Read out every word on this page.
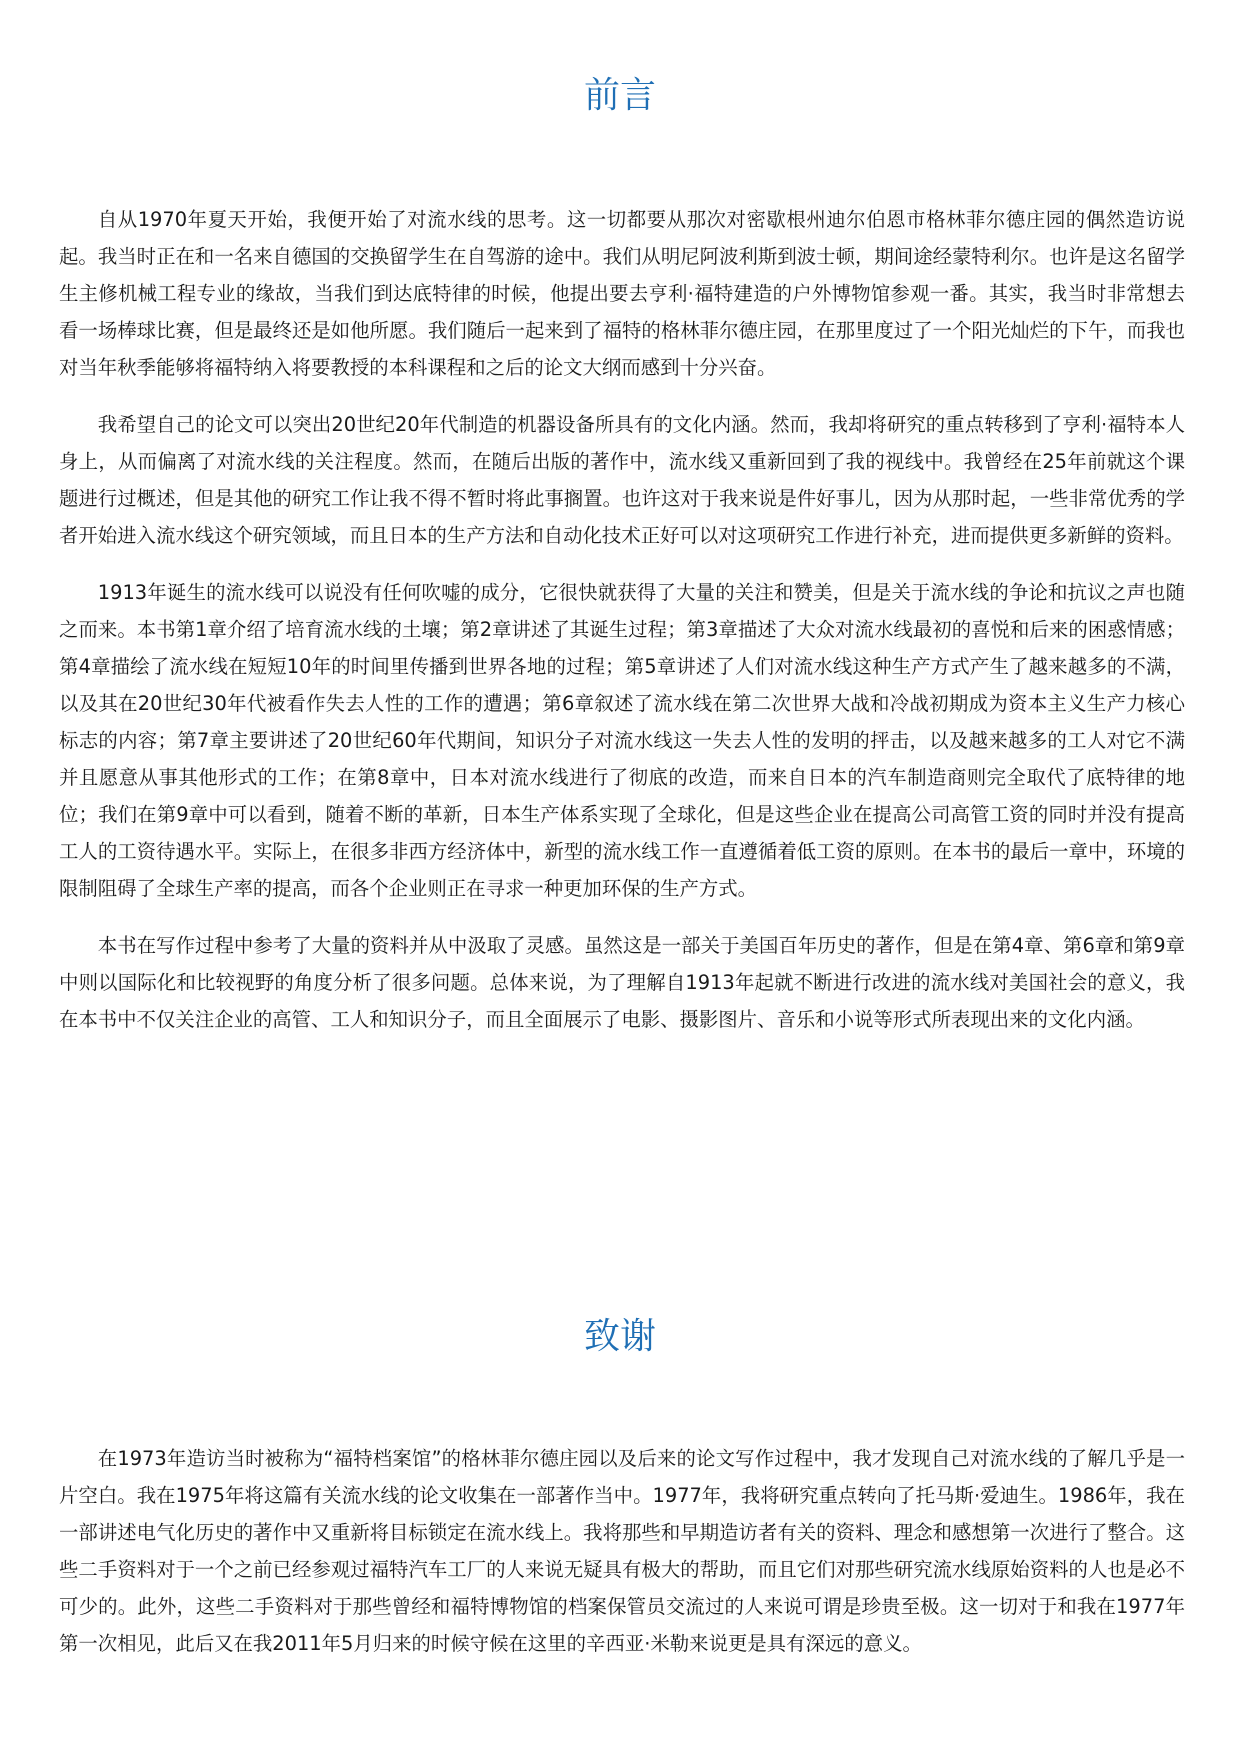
前言

自从1970年夏天开始，我便开始了对流水线的思考。这一切都要从那次对密歇根州迪尔伯恩市格林菲尔德庄园的偶然造访说起。我当时正在和一名来自德国的交换留学生在自驾游的途中。我们从明尼阿波利斯到波士顿，期间途经蒙特利尔。也许是这名留学生主修机械工程专业的缘故，当我们到达底特律的时候，他提出要去亨利·福特建造的户外博物馆参观一番。其实，我当时非常想去看一场棒球比赛，但是最终还是如他所愿。我们随后一起来到了福特的格林菲尔德庄园，在那里度过了一个阳光灿烂的下午，而我也对当年秋季能够将福特纳入将要教授的本科课程和之后的论文大纲而感到十分兴奋。

我希望自己的论文可以突出20世纪20年代制造的机器设备所具有的文化内涵。然而，我却将研究的重点转移到了亨利·福特本人身上，从而偏离了对流水线的关注程度。然而，在随后出版的著作中，流水线又重新回到了我的视线中。我曾经在25年前就这个课题进行过概述，但是其他的研究工作让我不得不暂时将此事搁置。也许这对于我来说是件好事儿，因为从那时起，一些非常优秀的学者开始进入流水线这个研究领域，而且日本的生产方法和自动化技术正好可以对这项研究工作进行补充，进而提供更多新鲜的资料。

1913年诞生的流水线可以说没有任何吹嘘的成分，它很快就获得了大量的关注和赞美，但是关于流水线的争论和抗议之声也随之而来。本书第1章介绍了培育流水线的土壤；第2章讲述了其诞生过程；第3章描述了大众对流水线最初的喜悦和后来的困惑情感；第4章描绘了流水线在短短10年的时间里传播到世界各地的过程；第5章讲述了人们对流水线这种生产方式产生了越来越多的不满，以及其在20世纪30年代被看作失去人性的工作的遭遇；第6章叙述了流水线在第二次世界大战和冷战初期成为资本主义生产力核心标志的内容；第7章主要讲述了20世纪60年代期间，知识分子对流水线这一失去人性的发明的抨击，以及越来越多的工人对它不满并且愿意从事其他形式的工作；在第8章中，日本对流水线进行了彻底的改造，而来自日本的汽车制造商则完全取代了底特律的地位；我们在第9章中可以看到，随着不断的革新，日本生产体系实现了全球化，但是这些企业在提高公司高管工资的同时并没有提高工人的工资待遇水平。实际上，在很多非西方经济体中，新型的流水线工作一直遵循着低工资的原则。在本书的最后一章中，环境的限制阻碍了全球生产率的提高，而各个企业则正在寻求一种更加环保的生产方式。

本书在写作过程中参考了大量的资料并从中汲取了灵感。虽然这是一部关于美国百年历史的著作，但是在第4章、第6章和第9章中则以国际化和比较视野的角度分析了很多问题。总体来说，为了理解自1913年起就不断进行改进的流水线对美国社会的意义，我在本书中不仅关注企业的高管、工人和知识分子，而且全面展示了电影、摄影图片、音乐和小说等形式所表现出来的文化内涵。

致谢

在1973年造访当时被称为“福特档案馆”的格林菲尔德庄园以及后来的论文写作过程中，我才发现自己对流水线的了解几乎是一片空白。我在1975年将这篇有关流水线的论文收集在一部著作当中。1977年，我将研究重点转向了托马斯·爱迪生。1986年，我在一部讲述电气化历史的著作中又重新将目标锁定在流水线上。我将那些和早期造访者有关的资料、理念和感想第一次进行了整合。这些二手资料对于一个之前已经参观过福特汽车工厂的人来说无疑具有极大的帮助，而且它们对那些研究流水线原始资料的人也是必不可少的。此外，这些二手资料对于那些曾经和福特博物馆的档案保管员交流过的人来说可谓是珍贵至极。这一切对于和我在1977年第一次相见，此后又在我2011年5月归来的时候守候在这里的辛西亚·米勒来说更是具有深远的意义。
